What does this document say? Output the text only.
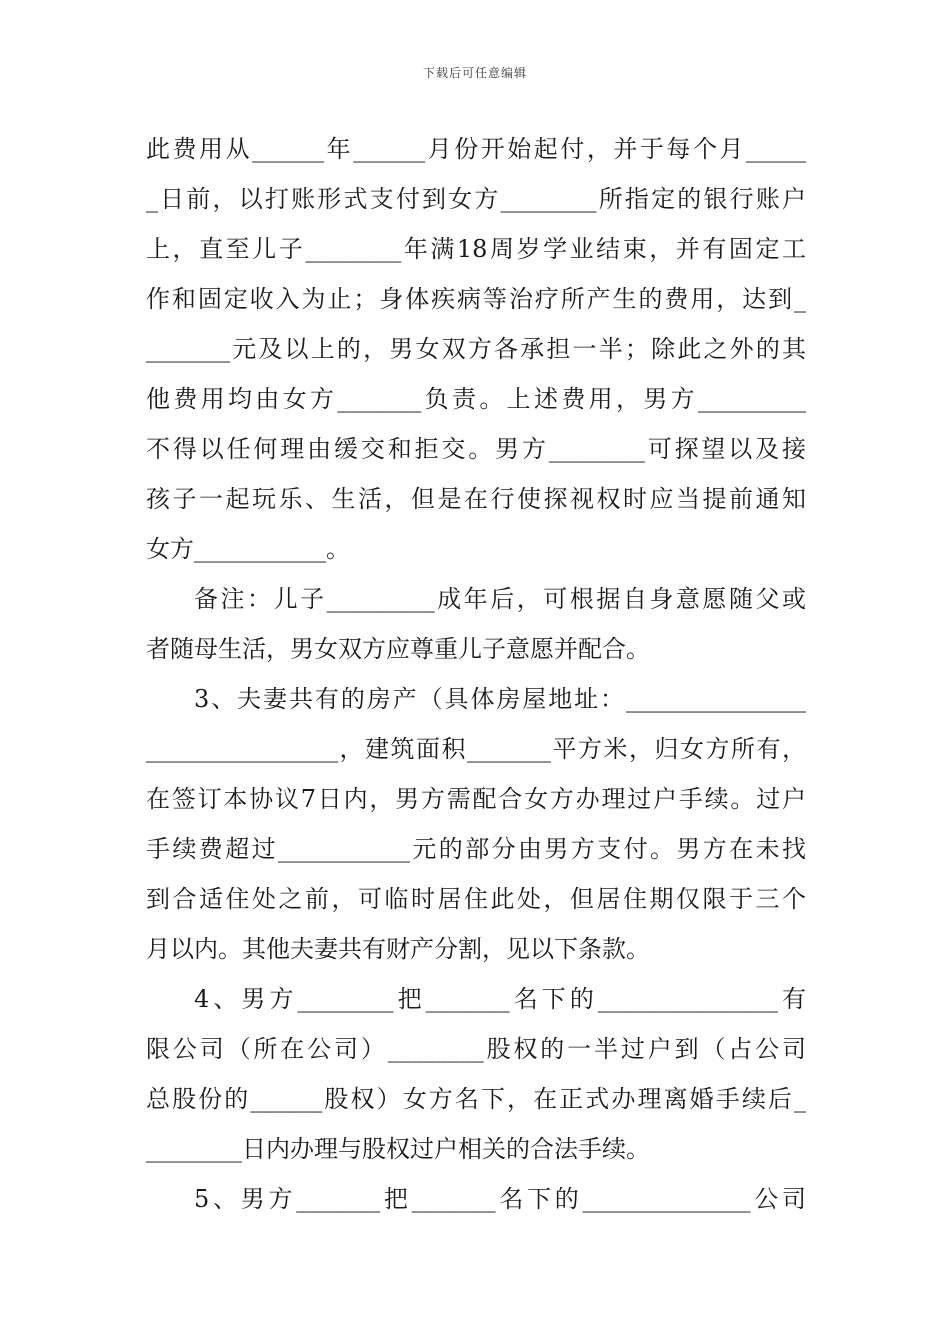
下载后可任意编辑
此费用从______年______月份开始起付，并于每个月_____
_日前，以打账形式支付到女方________所指定的银行账户
上，直至儿子________年满18周岁学业结束，并有固定工
作和固定收入为止；身体疾病等治疗所产生的费用，达到_
_______元及以上的，男女双方各承担一半；除此之外的其
他费用均由女方_______负责。上述费用，男方_________
不得以任何理由缓交和拒交。男方________可探望以及接
孩子一起玩乐、生活，但是在行使探视权时应当提前通知
女方___________。
备注：儿子_________成年后，可根据自身意愿随父或
者随母生活，男女双方应尊重儿子意愿并配合。
3、夫妻共有的房产（具体房屋地址：_______________
________________，建筑面积_______平方米，归女方所有，
在签订本协议7日内，男方需配合女方办理过户手续。过户
手续费超过___________元的部分由男方支付。男方在未找
到合适住处之前，可临时居住此处，但居住期仅限于三个
月以内。其他夫妻共有财产分割，见以下条款。
4、男方________把_______名下的_______________有
限公司（所在公司）________股权的一半过户到（占公司
总股份的______股权）女方名下，在正式办理离婚手续后_
________日内办理与股权过户相关的合法手续。
5、男方_______把_______名下的______________公司
